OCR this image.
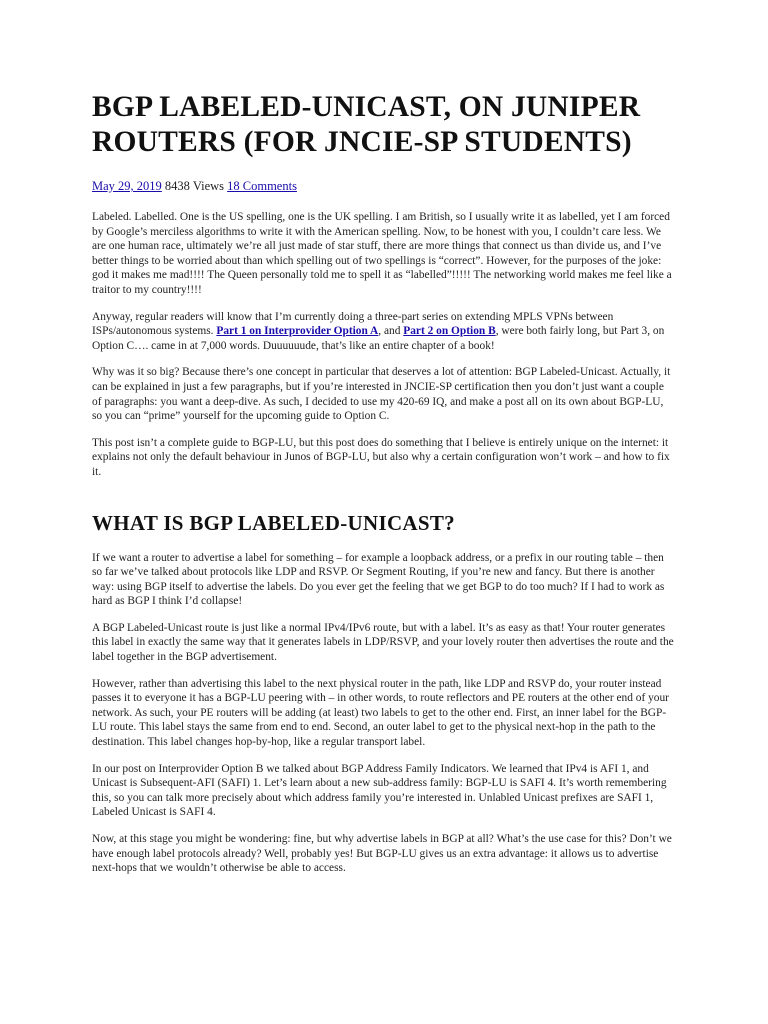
BGP LABELED-UNICAST, ON JUNIPER ROUTERS (FOR JNCIE-SP STUDENTS)
May 29, 2019 8438 Views 18 Comments

Labeled. Labelled. One is the US spelling, one is the UK spelling. I am British, so I usually write it as labelled, yet I am forced by Google’s merciless algorithms to write it with the American spelling. Now, to be honest with you, I couldn’t care less. We are one human race, ultimately we’re all just made of star stuff, there are more things that connect us than divide us, and I’ve better things to be worried about than which spelling out of two spellings is “correct”. However, for the purposes of the joke: god it makes me mad!!!! The Queen personally told me to spell it as “labelled”!!!!! The networking world makes me feel like a traitor to my country!!!!

Anyway, regular readers will know that I’m currently doing a three-part series on extending MPLS VPNs between ISPs/autonomous systems. Part 1 on Interprovider Option A, and Part 2 on Option B, were both fairly long, but Part 3, on Option C…. came in at 7,000 words. Duuuuuude, that’s like an entire chapter of a book!

Why was it so big? Because there’s one concept in particular that deserves a lot of attention: BGP Labeled-Unicast. Actually, it can be explained in just a few paragraphs, but if you’re interested in JNCIE-SP certification then you don’t just want a couple of paragraphs: you want a deep-dive. As such, I decided to use my 420-69 IQ, and make a post all on its own about BGP-LU, so you can “prime” yourself for the upcoming guide to Option C.

This post isn’t a complete guide to BGP-LU, but this post does do something that I believe is entirely unique on the internet: it explains not only the default behaviour in Junos of BGP-LU, but also why a certain configuration won’t work – and how to fix it.

WHAT IS BGP LABELED-UNICAST?

If we want a router to advertise a label for something – for example a loopback address, or a prefix in our routing table – then so far we’ve talked about protocols like LDP and RSVP. Or Segment Routing, if you’re new and fancy. But there is another way: using BGP itself to advertise the labels. Do you ever get the feeling that we get BGP to do too much? If I had to work as hard as BGP I think I’d collapse!

A BGP Labeled-Unicast route is just like a normal IPv4/IPv6 route, but with a label. It’s as easy as that! Your router generates this label in exactly the same way that it generates labels in LDP/RSVP, and your lovely router then advertises the route and the label together in the BGP advertisement.

However, rather than advertising this label to the next physical router in the path, like LDP and RSVP do, your router instead passes it to everyone it has a BGP-LU peering with – in other words, to route reflectors and PE routers at the other end of your network. As such, your PE routers will be adding (at least) two labels to get to the other end. First, an inner label for the BGP-LU route. This label stays the same from end to end. Second, an outer label to get to the physical next-hop in the path to the destination. This label changes hop-by-hop, like a regular transport label.

In our post on Interprovider Option B we talked about BGP Address Family Indicators. We learned that IPv4 is AFI 1, and Unicast is Subsequent-AFI (SAFI) 1. Let’s learn about a new sub-address family: BGP-LU is SAFI 4. It’s worth remembering this, so you can talk more precisely about which address family you’re interested in. Unlabled Unicast prefixes are SAFI 1, Labeled Unicast is SAFI 4.

Now, at this stage you might be wondering: fine, but why advertise labels in BGP at all? What’s the use case for this? Don’t we have enough label protocols already? Well, probably yes! But BGP-LU gives us an extra advantage: it allows us to advertise next-hops that we wouldn’t otherwise be able to access.
